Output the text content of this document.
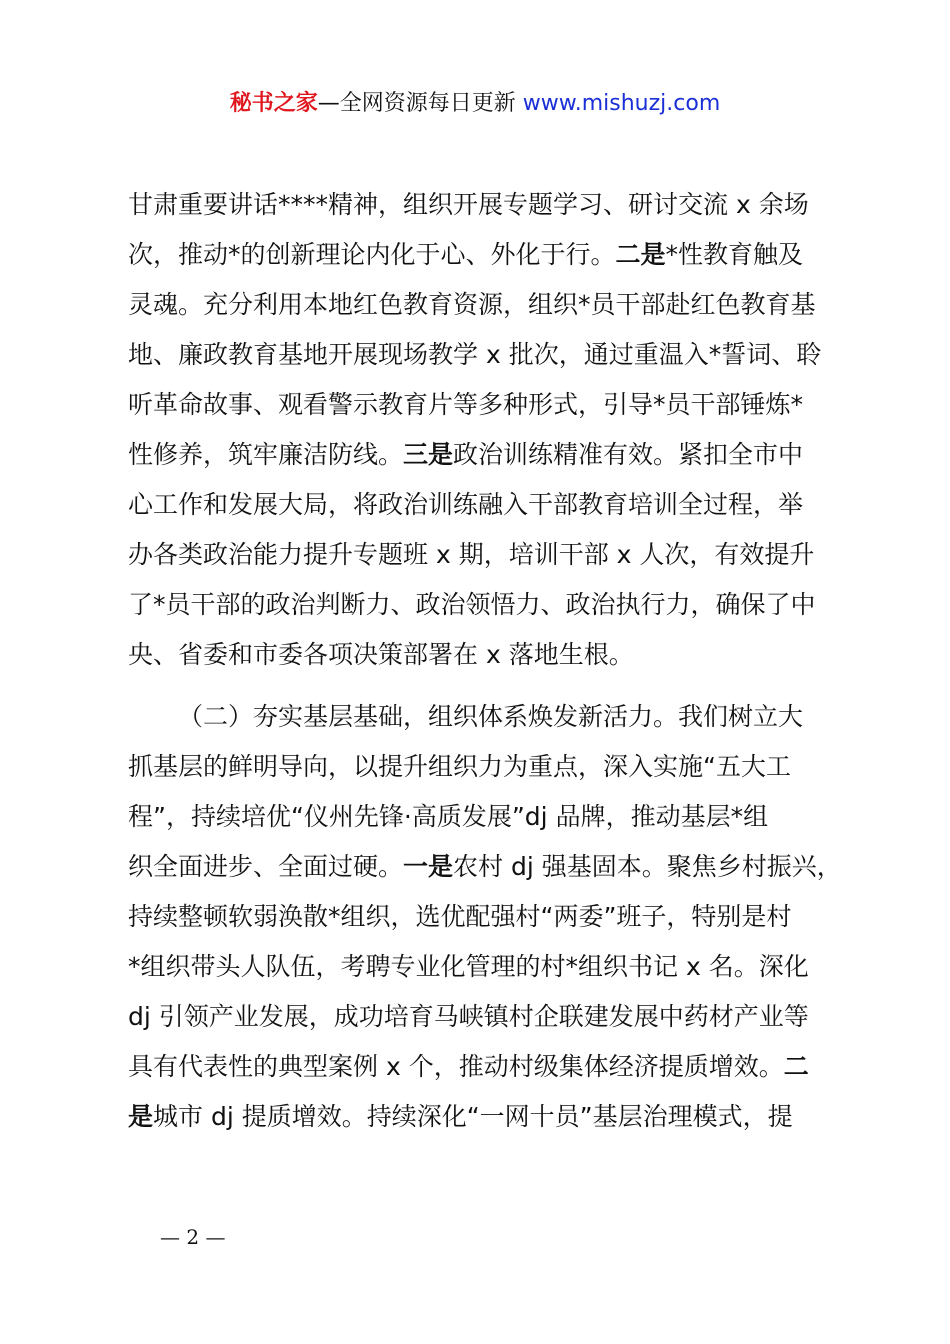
秘书之家—全网资源每日更新 www.mishuzj.com
甘肃重要讲话****精神，组织开展专题学习、研讨交流 x 余场
次，推动*的创新理论内化于心、外化于行。二是*性教育触及
灵魂。充分利用本地红色教育资源，组织*员干部赴红色教育基
地、廉政教育基地开展现场教学 x 批次，通过重温入*誓词、聆
听革命故事、观看警示教育片等多种形式，引导*员干部锤炼*
性修养，筑牢廉洁防线。三是政治训练精准有效。紧扣全市中
心工作和发展大局，将政治训练融入干部教育培训全过程，举
办各类政治能力提升专题班 x 期，培训干部 x 人次，有效提升
了*员干部的政治判断力、政治领悟力、政治执行力，确保了中
央、省委和市委各项决策部署在 x 落地生根。
（二）夯实基层基础，组织体系焕发新活力。我们树立大
抓基层的鲜明导向，以提升组织力为重点，深入实施“五大工
程”，持续培优“仪州先锋·高质发展”dj 品牌，推动基层*组
织全面进步、全面过硬。一是农村 dj 强基固本。聚焦乡村振兴，
持续整顿软弱涣散*组织，选优配强村“两委”班子，特别是村
*组织带头人队伍，考聘专业化管理的村*组织书记 x 名。深化
dj 引领产业发展，成功培育马峡镇村企联建发展中药材产业等
具有代表性的典型案例 x 个，推动村级集体经济提质增效。二
是城市 dj 提质增效。持续深化“一网十员”基层治理模式，提
— 2 —
